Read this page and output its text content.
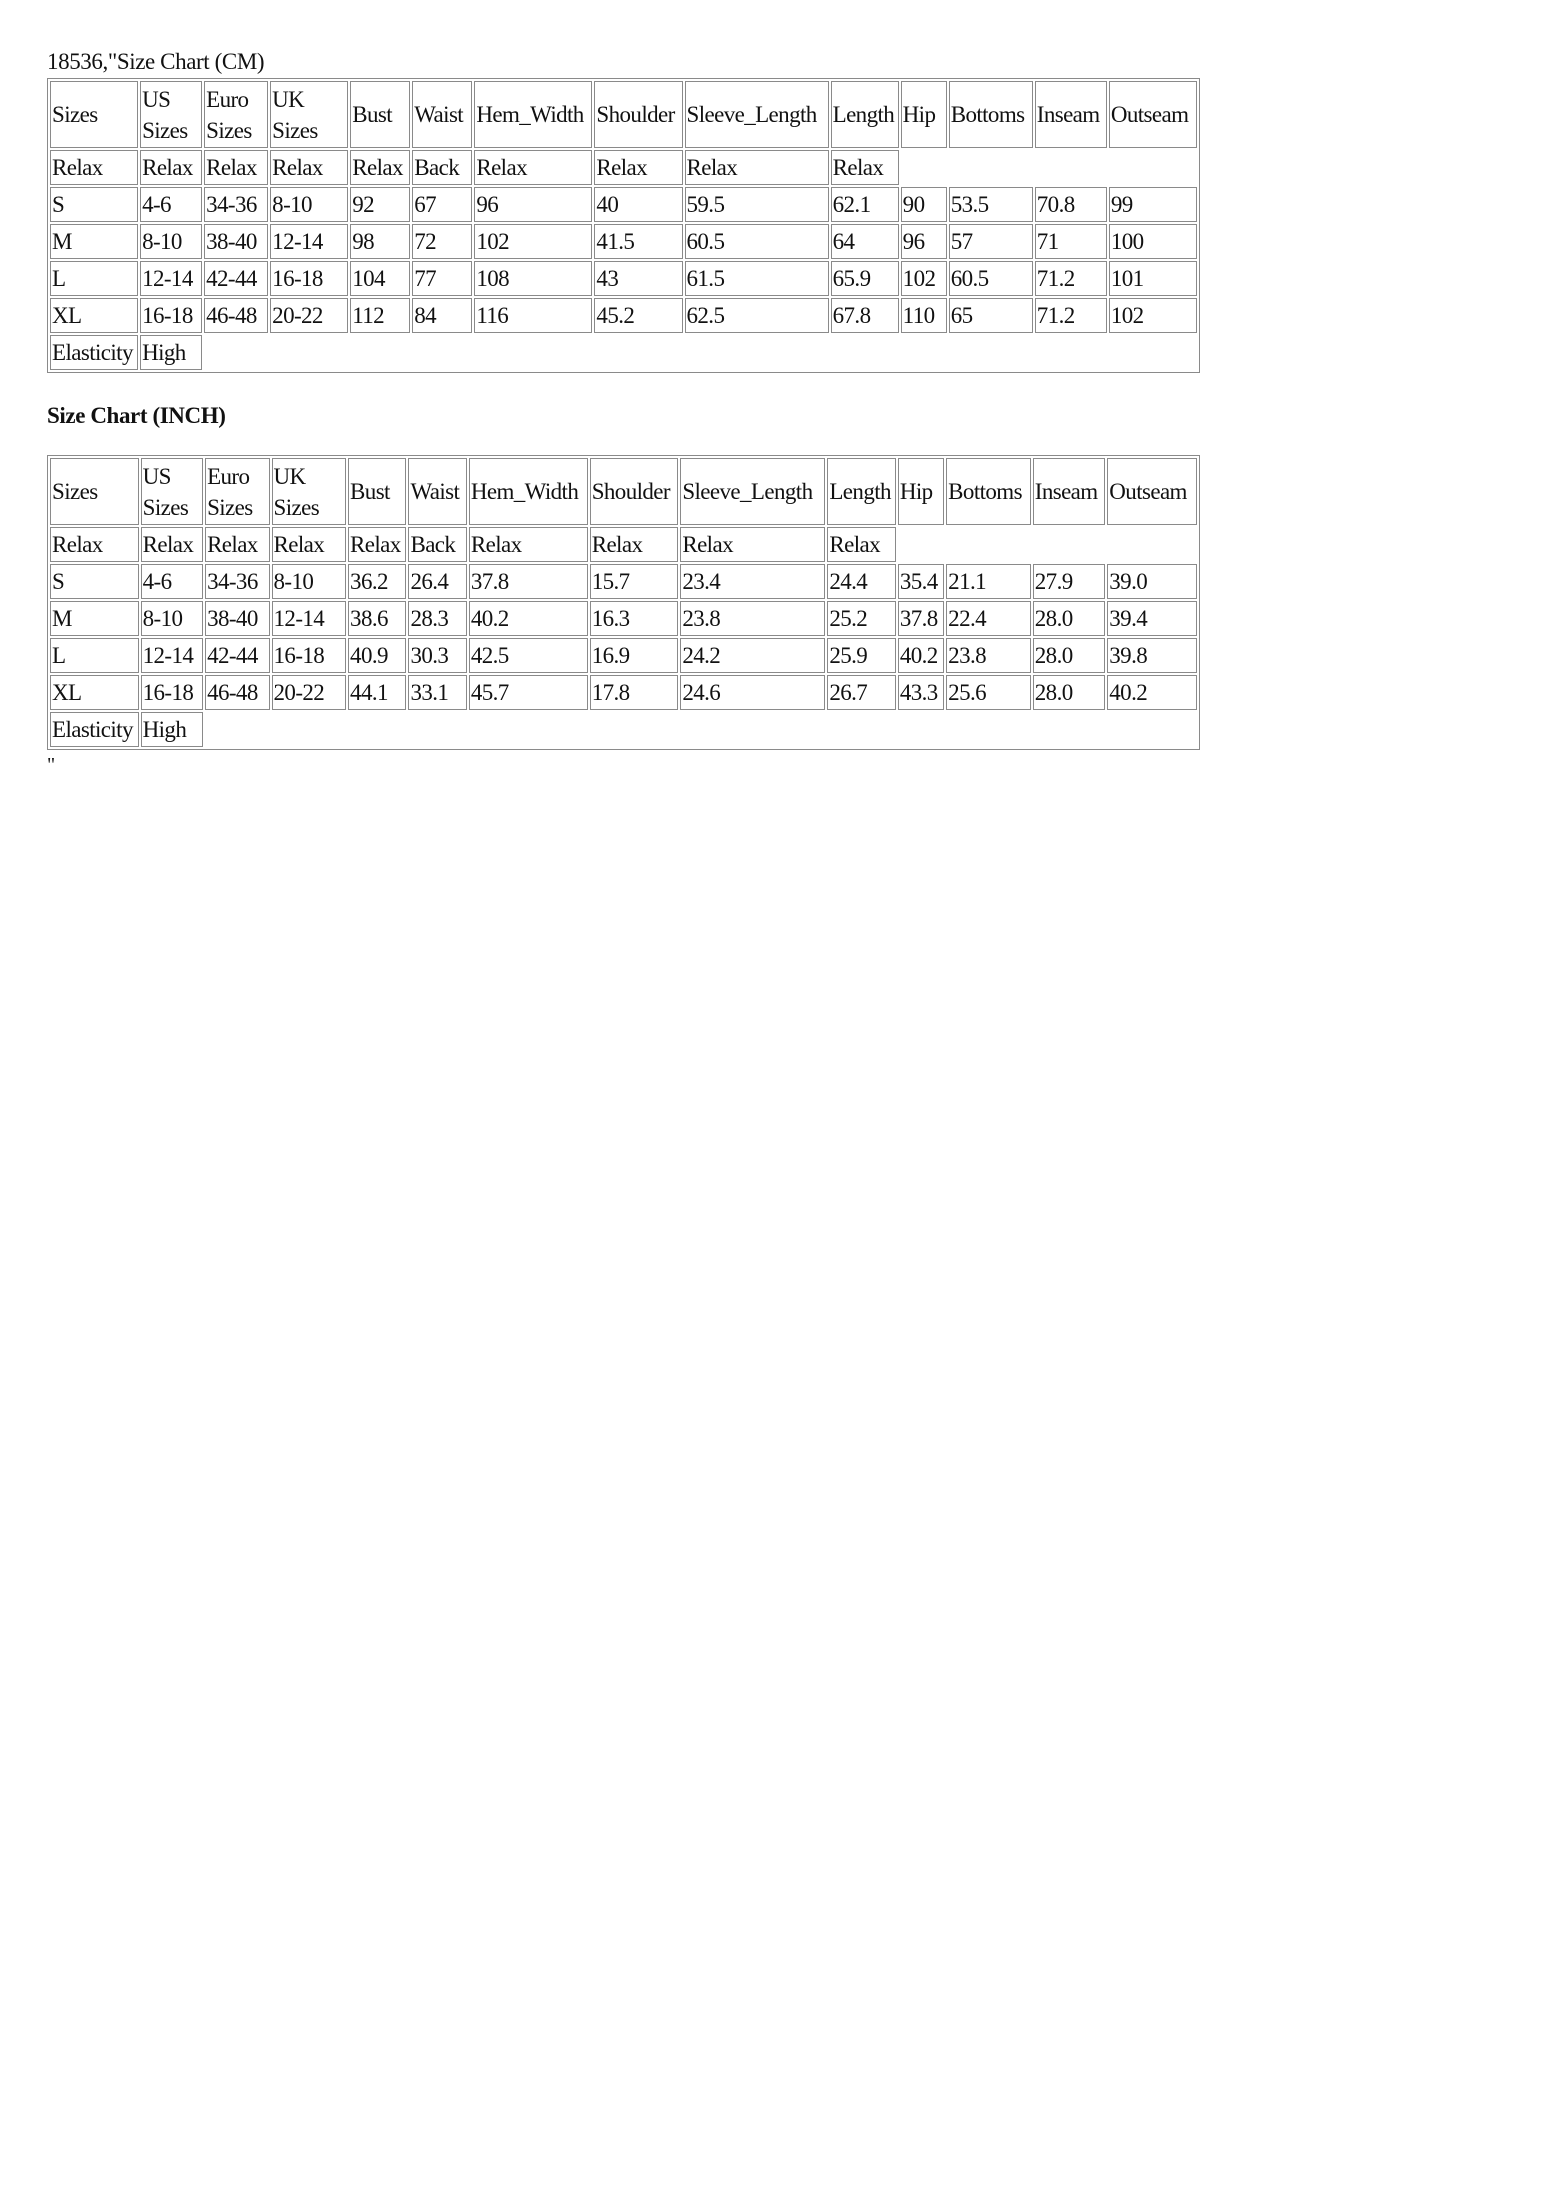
18536,"Size Chart (CM)
Sizes	US Sizes	Euro Sizes	UK Sizes	Bust	Waist	Hem_Width	Shoulder	Sleeve_Length	Length	Hip	Bottoms	Inseam	Outseam
Relax	Relax	Relax	Relax	Relax	Back	Relax	Relax	Relax	Relax				
S	4-6	34-36	8-10	92	67	96	40	59.5	62.1	90	53.5	70.8	99
M	8-10	38-40	12-14	98	72	102	41.5	60.5	64	96	57	71	100
L	12-14	42-44	16-18	104	77	108	43	61.5	65.9	102	60.5	71.2	101
XL	16-18	46-48	20-22	112	84	116	45.2	62.5	67.8	110	65	71.2	102
Elasticity	High												
Size Chart (INCH)
Sizes	US Sizes	Euro Sizes	UK Sizes	Bust	Waist	Hem_Width	Shoulder	Sleeve_Length	Length	Hip	Bottoms	Inseam	Outseam
Relax	Relax	Relax	Relax	Relax	Back	Relax	Relax	Relax	Relax				
S	4-6	34-36	8-10	36.2	26.4	37.8	15.7	23.4	24.4	35.4	21.1	27.9	39.0
M	8-10	38-40	12-14	38.6	28.3	40.2	16.3	23.8	25.2	37.8	22.4	28.0	39.4
L	12-14	42-44	16-18	40.9	30.3	42.5	16.9	24.2	25.9	40.2	23.8	28.0	39.8
XL	16-18	46-48	20-22	44.1	33.1	45.7	17.8	24.6	26.7	43.3	25.6	28.0	40.2
Elasticity	High												
"
